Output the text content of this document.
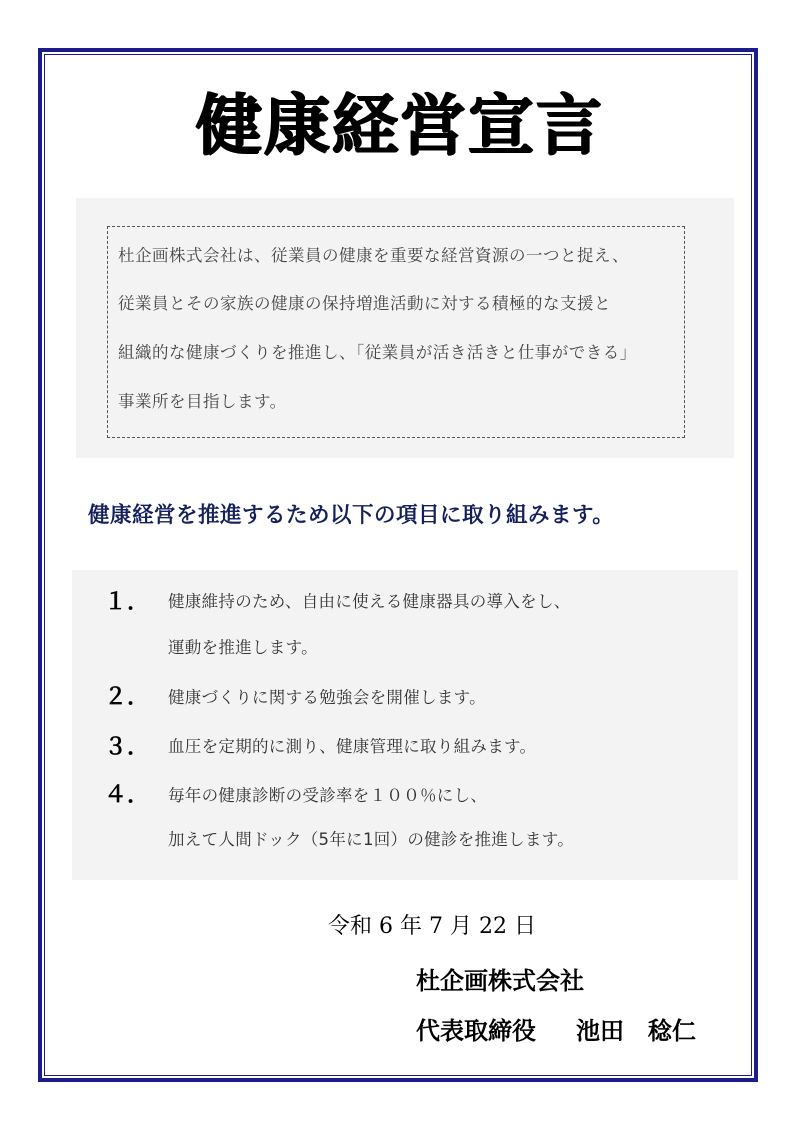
健康経営宣言
杜企画株式会社は、従業員の健康を重要な経営資源の一つと捉え、
従業員とその家族の健康の保持増進活動に対する積極的な支援と
組織的な健康づくりを推進し、「従業員が活き活きと仕事ができる」
事業所を目指します。
健康経営を推進するため以下の項目に取り組みます。
１． 健康維持のため、自由に使える健康器具の導入をし、
運動を推進します。
２． 健康づくりに関する勉強会を開催します。
３． 血圧を定期的に測り、健康管理に取り組みます。
４． 毎年の健康診断の受診率を１００％にし、
加えて人間ドック（5年に1回）の健診を推進します。
令和 6 年 7 月 22 日
杜企画株式会社
代表取締役 池田　稔仁
